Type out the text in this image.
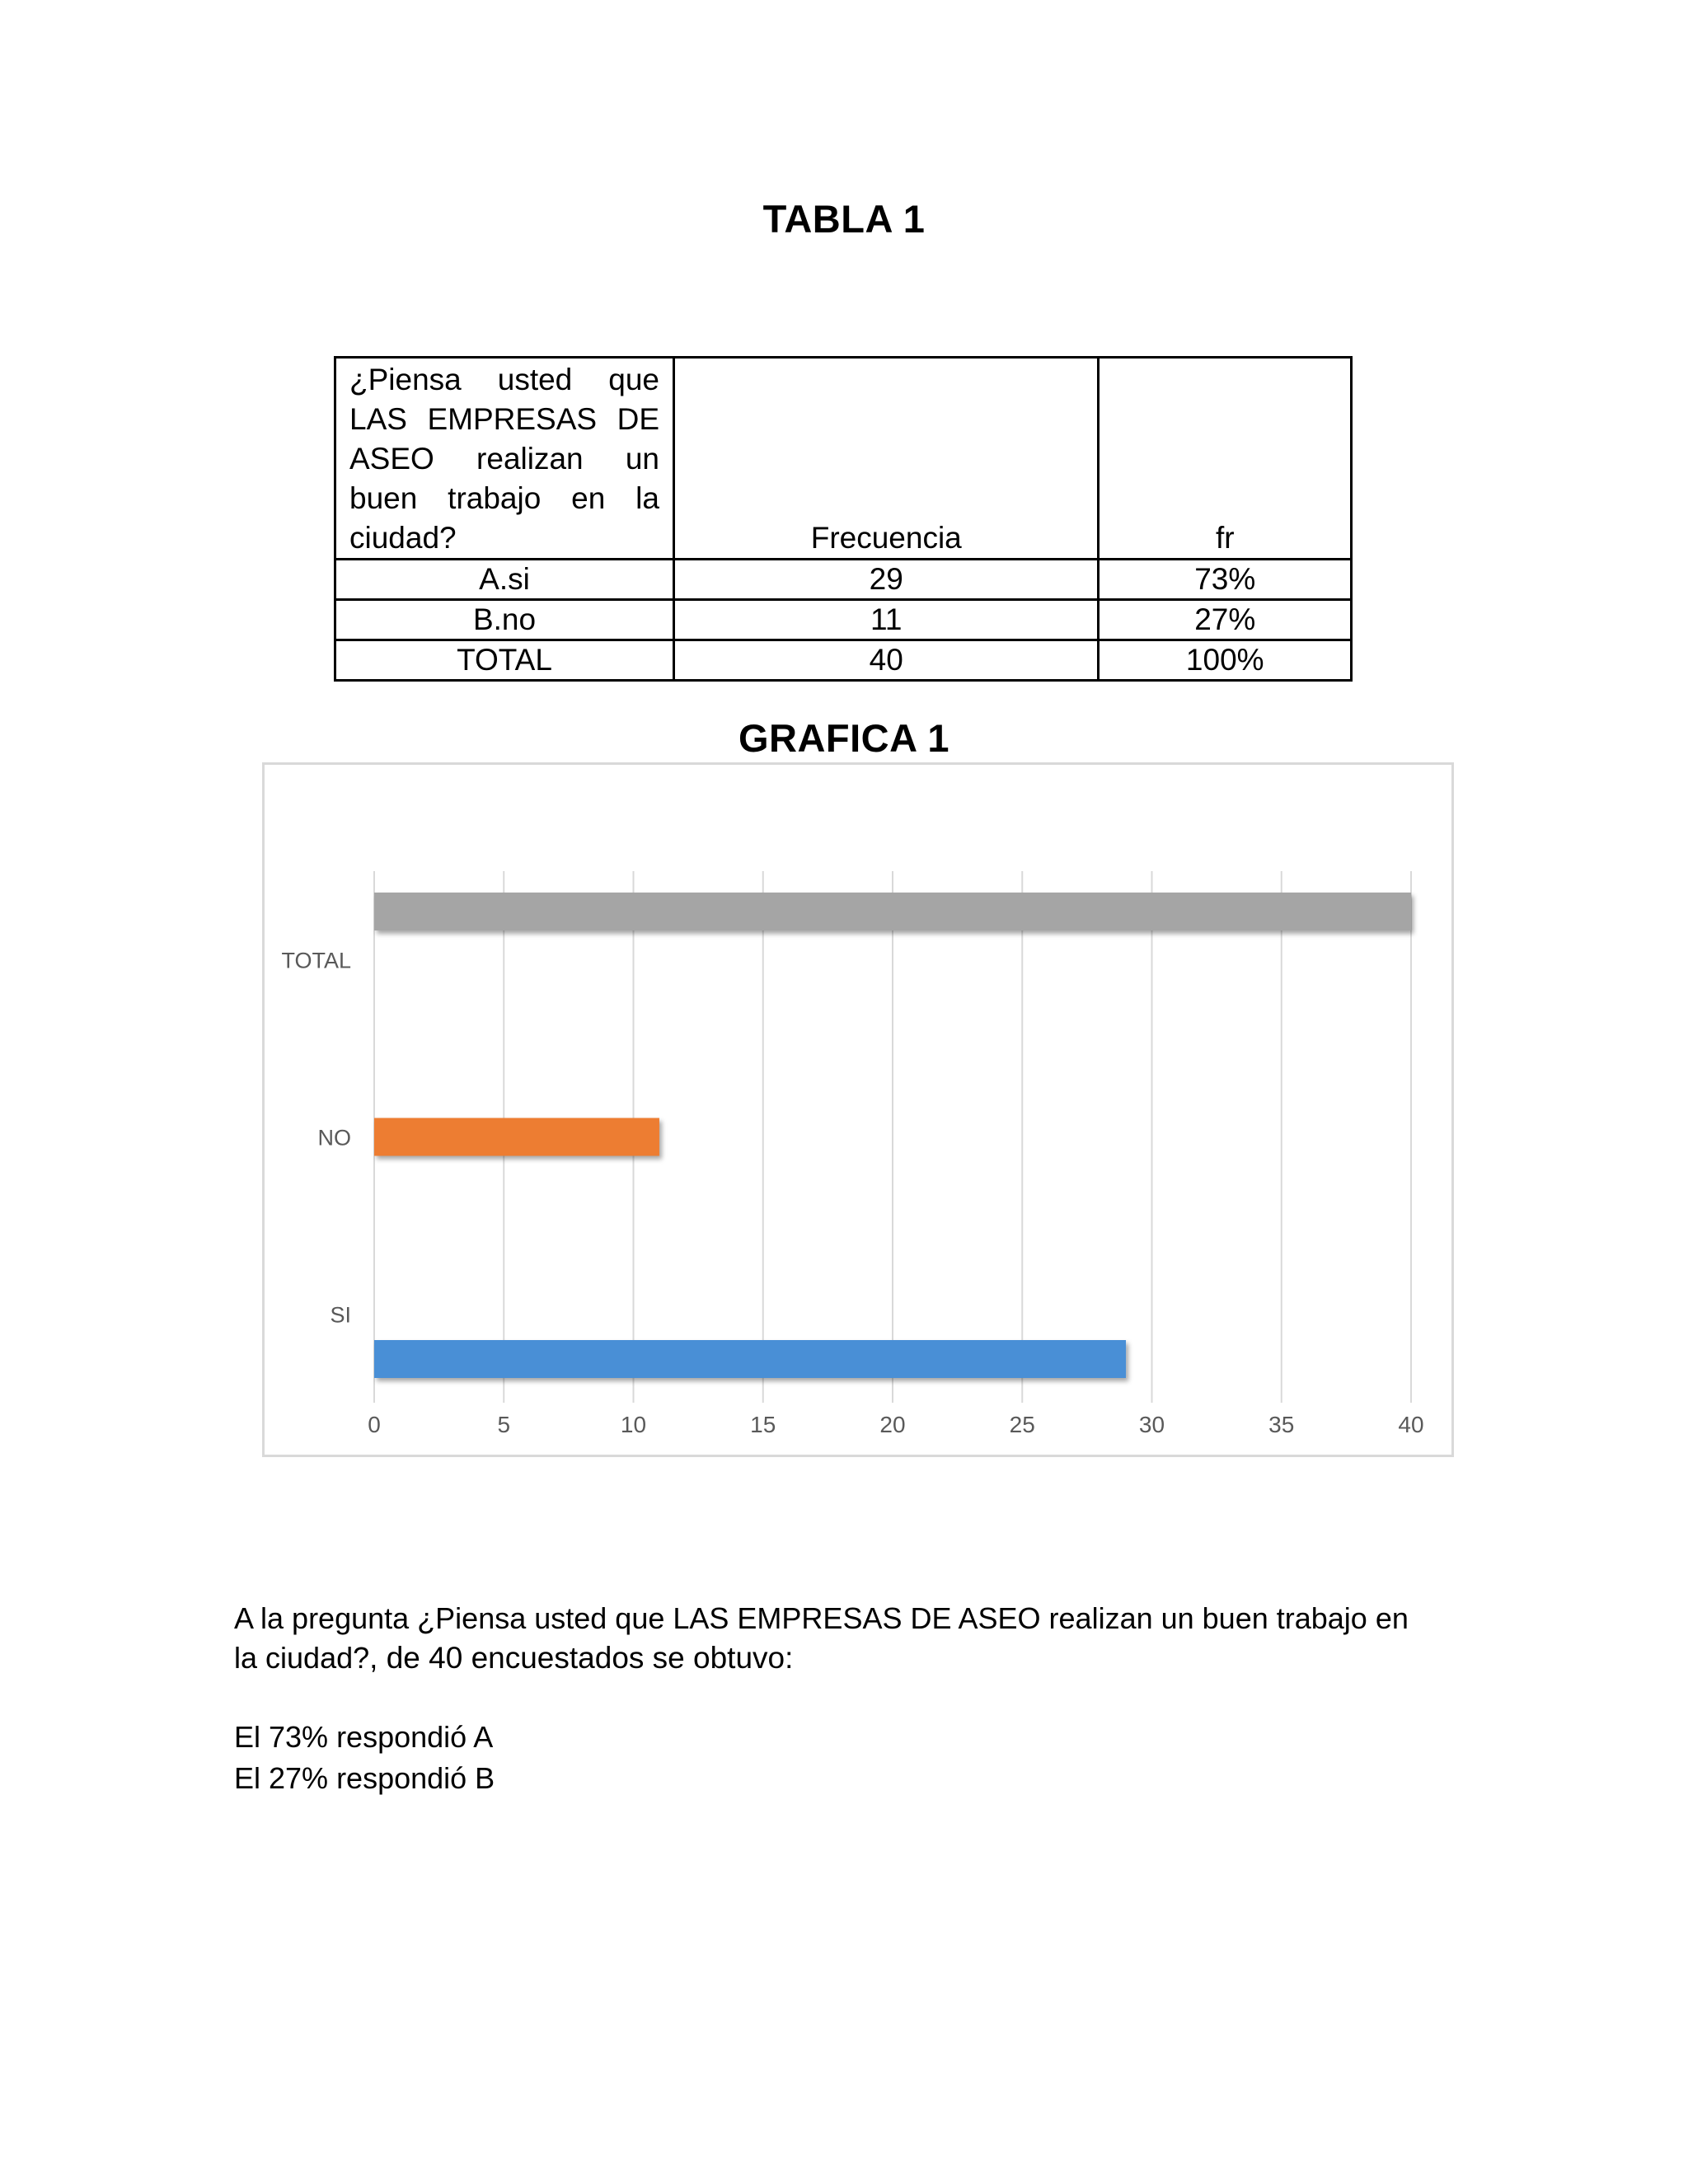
TABLA 1
¿Piensa usted que LAS EMPRESAS DE ASEO realizan un buen trabajo en la ciudad?	Frecuencia	fr
A.si	29	73%
B.no	11	27%
TOTAL	40	100%
GRAFICA 1
0	5	10	15	20	25	30	35	40
SI
NO
TOTAL
A la pregunta ¿Piensa usted que LAS EMPRESAS DE ASEO realizan un buen trabajo en la ciudad?, de 40 encuestados se obtuvo:
El 73% respondió A
El 27% respondió B
